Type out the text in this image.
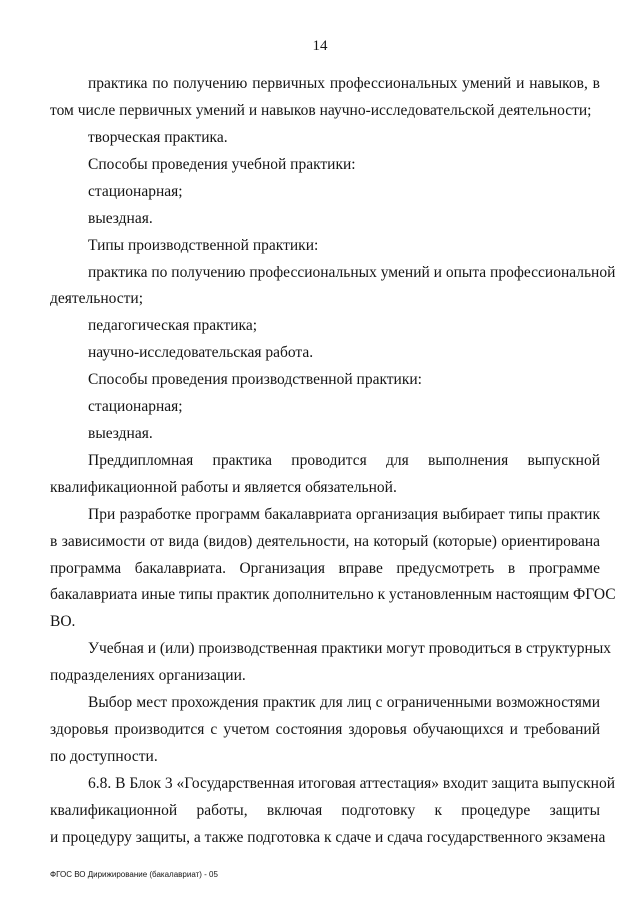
14
практика по получению первичных профессиональных умений и навыков, в
том числе первичных умений и навыков научно-исследовательской деятельности;
творческая практика.
Способы проведения учебной практики:
стационарная;
выездная.
Типы производственной практики:
практика по получению профессиональных умений и опыта профессиональной
деятельности;
педагогическая практика;
научно-исследовательская работа.
Способы проведения производственной практики:
стационарная;
выездная.
Преддипломная практика проводится для выполнения выпускной
квалификационной работы и является обязательной.
При разработке программ бакалавриата организация выбирает типы практик
в зависимости от вида (видов) деятельности, на который (которые) ориентирована
программа бакалавриата. Организация вправе предусмотреть в программе
бакалавриата иные типы практик дополнительно к установленным настоящим ФГОС
ВО.
Учебная и (или) производственная практики могут проводиться в структурных
подразделениях организации.
Выбор мест прохождения практик для лиц с ограниченными возможностями
здоровья производится с учетом состояния здоровья обучающихся и требований
по доступности.
6.8. В Блок 3 «Государственная итоговая аттестация» входит защита выпускной
квалификационной работы, включая подготовку к процедуре защиты
и процедуру защиты, а также подготовка к сдаче и сдача государственного экзамена
ФГОС ВО Дирижирование (бакалавриат) - 05
